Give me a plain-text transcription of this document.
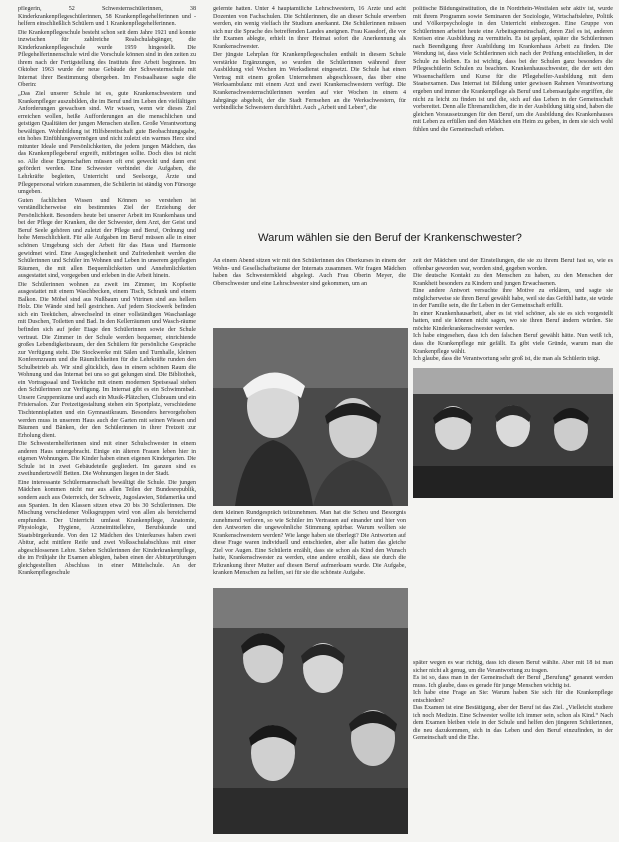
pflegerin, 52 Schwesternschülerinnen, 38 Kinderkrankenpflegeschülerinnen, 58 Krankenpflegehelferinnen und -helfern einschließlich Schülern und 1 Krankenpflegehelferinnen.

Die Krankenpflegeschule besteht schon seit dem Jahre 1921 und konnte inzwischen für zahlreiche Realschulabgänger, die Kinderkrankenpflegeschule wurde 1959 hingestellt. Die Pflegehelferinnenschule wird die Vorschule können sind in den zeiten zu ihrem nach der Fertigstellung des Instituts ihre Arbeit beginnen. Im Oktober 1963 wurde der neue Gebäude der Schwesternschule mit Internat ihrer Bestimmung übergeben. Im Festsaalhause sagte die Oberin:

„Das Ziel unserer Schule ist es, gute Krankenschwestern und Krankenpfleger auszubilden, die im Beruf und im Leben den vielfältigen Anforderungen gewachsen sind. Wir wissen, wenn wir dieses Ziel erreichen wollen, heiße Aufforderungen an die menschlichen und geistigen Qualitäten der jungen Menschen stellen. Große Verantwortung bewältigen. Wohnbildung ist Hilfsbereitschaft gute Beobachtungsgabe, ein hohes Einfühlungsvermögen und nicht zuletzt ein warmes Herz sind mitunter Ideale und Persönlichkeiten, die jedem jungen Mädchen, das das Krankenpflegeberuf ergreift, mitbringen sollte. Doch dies ist nicht so. Alle diese Eigenschaften müssen oft erst geweckt und dann erst gefördert werden. Eine Schwester verbindet die Aufgaben, die Lehrkräfte begleiten, Unterricht und Seelsorge, Ärzte und Pflegepersonal wirken zusammen, die Schülerin ist ständig von Fürsorge umgeben.

Guten fachlichen Wissen und Können so verstehen ist verständlicherweise ein bestimmtes Ziel der Erziehung der Persönlichkeit. Besonders heute bei unserer Arbeit im Krankenhaus und bei der Pflege der Kranken, die der Schwester, dem Arzt, der Geist und Beruf Seele gehören und zuletzt der Pflege und Beruf, Ordnung und hohe Menschlichkeit. Für alle Aufgaben im Beruf müssen alle in einer schönen Umgebung sich der Arbeit für das Haus und Harmonie gewidmet wird. Eine Ausgeglichenheit und Zufriedenheit werden die Schülerinnen und Schüler im Wohnen und Leben in unserem gepflegten Räumen, die mit allen Bequemlichkeiten und Annehmlichkeiten ausgestattet sind, vorgegeben und erleben in die Arbeit hinein.

Die Schülerinnen wohnen zu zweit im Zimmer, im Kopfseite ausgestattet mit einem Waschbecken, einem Tisch, Schrank und einem Balkon. Die Möbel sind aus Nußbaum und Vitrinen sind aus hellem Holz. Die Wände sind hell gestrichen. Auf jedem Stockwerk befinden sich ein Teeküchen, abwechselnd in einer vollständigen Waschanlage mit Duschen, Toiletten und Bad. In den Kellerräumen und Wasch-räume befinden sich auf jeder Etage den Schülerinnen sowie der Schule vertraut. Die Zimmer in der Schule werden bequemer, einrichtende großes Lebendigkeitsraum, der den Schülern für persönliche Gespräche zur Verfügung steht. Die Stockwerke mit Sälen und Turnhalle, kleinen Konferenzraum und die Räumlichkeiten für die Lehrkräfte runden den Schulbetrieb ab. Wir sind glücklich, dass in einem schönen Raum die Wohnung und das Internat bei uns so gut gelungen sind. Die Bibliothek, ein Vortragssaal und Teeküche mit einem modernen Speisesaal stehen den Schülerinnen zur Verfügung. Im Internat gibt es ein Schwimmbad. Unsere Gruppenräume und auch ein Musik-Plätzchen, Clubraum und ein Frisiersalon. Zur Freizeitgestaltung stehen ein Sportplatz, verschiedene Tischtennisplatten und ein Gymnastikraum. Besonders hervorgehoben werden muss in unserem Haus auch der Garten mit seinen Wiesen und Bäumen und Bänken, der den Schülerinnen in ihrer Freizeit zur Erholung dient.

Die Schwesternhelferinnen sind mit einer Schulschwester in einem anderen Haus untergebracht. Einige ein älteren Frauen leben hier in eigenen Wohnungen. Die Kinder haben einen eigenen Kindergarten. Die Schule ist in zwei Gebäudeteile gegliedert. Im ganzen sind es zweihundertzwölf Betten. Die Wohnungen liegen in der Stadt.

Eine interessante Schülermannschaft bewältigt die Schule. Die jungen Mädchen kommen nicht nur aus allen Teilen der Bundesrepublik, sondern auch aus Österreich, der Schweiz, Jugoslawien, Südamerika und aus Spanien. In den Klassen sitzen etwa 20 bis 30 Schülerinnen. Die Mischung verschiedener Volksgruppen wird von allen als bereichernd empfunden. Der Unterricht umfasst Krankenpflege, Anatomie, Physiologie, Hygiene, Arzneimittellehre, Berufskunde und Staatsbürgerkunde. Von den 12 Mädchen des Unterkurses haben zwei Abitur, acht mittlere Reife und zwei Volksschulabschluss mit einer abgeschlossenen Lehre. Sieben Schülerinnen der Kinderkrankenpflege, die im Frühjahr ihr Examen ablegten, haben einen der Abiturprüfungen gleichgestellten Abschluss in einer Mittelschule. An der Krankenpflegeschule

gelernte hatten. Unter 4 hauptamtliche Lehrschwestern, 16 Ärzte und acht Dozenten von Fachschulen. Die Schülerinnen, die an dieser Schule erwerben werden, ein wenig vielfach ihr Studium anerkannt. Die Schülerinnen müssen sich nur die Sprache des betreffenden Landes aneignen. Frau Kassdorf, die vor ihr Examen ablegte, erhielt in ihrer Heimat sofort die Anerkennung als Krankenschwester.

Der jüngste Lehrplan für Krankenpflegeschulen enthält in diesem Schule verstärkte Ergänzungen, so wurden die Schülerinnen während ihrer Ausbildung viel Wochen im Werksdienst eingesetzt. Die Schule hat einen Vertrag mit einem großen Unternehmen abgeschlossen, das über eine Werksambulanz mit einem Arzt und zwei Krankenschwestern verfügt. Die Krankenschwesternschülerinnen werden auf vier Wochen in einem 4 Jahrgänge abgeholt, der die Stadt Fernsehen an die Werkschwestern, für verbindliche Schwestern durchführt. Auch „Arbeit und Leben“, die

politische Bildungsinstitution, die in Nordrhein-Westfalen sehr aktiv ist, wurde mit ihrem Programm sowie Seminaren der Soziologie, Wirtschaftslehre, Politik und Völkerpsychologie in den Unterricht einbezogen. Eine Gruppe von Schülerinnen arbeitet heute eine Arbeitsgemeinschaft, deren Ziel es ist, anderen Kreisen eine Ausbildung zu vermitteln. Es ist geplant, später die Schülerinnen nach Beendigung ihrer Ausbildung im Krankenhaus Arbeit zu finden. Die Wendung ist, dass viele Schülerinnen sich nach der Prüfung entschließen, in der Schule zu bleiben. Es ist wichtig, dass bei der Schulen ganz besonders die Pflegeschülerin Schulen zu beachten. Krankenhausschwester, die der seit den Wissenschaftlern und Kurse für die Pflegehelfer-Ausbildung mit dem Staatsexamen. Das Internat ist Bildung unter gewissen Rahmen Verantwortung ergeben und immer die Krankenpflege als Beruf und Lebensaufgabe ergriffen, die nicht zu leicht zu finden ist und die, sich auf das Leben in der Gemeinschaft vorbereitet. Denn alle Ehrenamtlichen, die in der Ausbildung tätig sind, haben die gleichen Voraussetzungen für den Beruf, um die Ausbildung des Krankenhauses mit Leben zu erfüllen und den Mädchen ein Heim zu geben, in dem sie sich wohl fühlen und die Gemeinschaft erleben.

Warum wählen sie den Beruf der Krankenschwester?

An einem Abend sitzen wir mit den Schülerinnen des Oberkurses in einem der Wohn- und Gesellschaftsräume der Internats zusammen. Wir fragen Mädchen haben das Schwesternkleid abgelegt. Auch Frau Oberin Meyer, die Oberschwester und eine Lehrschwester sind gekommen, um an

dem kleinen Rundgespräch teilzunehmen. Man hat die Scheu und Besorgnis zunehmend verloren, so wie Schüler im Vertrauen auf einander und hier von den Antworten die ungewohnliche Stimmung spürbar. Warum wollten sie Krankenschwestern werden? Wie lange haben sie überlegt? Die Antworten auf diese Frage waren individuell und entschieden, aber alle hatten das gleiche Ziel vor Augen. Eine Schülerin erzählt, dass sie schon als Kind den Wunsch hatte, Krankenschwester zu werden, eine andere erzählt, dass sie durch die Erkrankung ihrer Mutter auf diesen Beruf aufmerksam wurde. Die Aufgabe, kranken Menschen zu helfen, sei für sie die schönste Aufgabe.

zeit der Mädchen und der Einstellungen, die sie zu ihrem Beruf fast so, wie es offenbar geworden war, worden sind, gegeben worden.
Die deutsche Kontakt zu den Menschen zu haben, zu den Menschen der Krankheit besonders zu Kindern und jungen Erwachsenen.
Eine andere Antwort versuchte ihre Motive zu erklären, und sagte sie möglicherweise sie ihren Beruf gewählt habe, weil sie das Gefühl hatte, sie würde in der Familie sein, die ihr Leben in der Gemeinschaft erfüllt.
In einer Krankenhausarbeit, aber es ist viel schöner, als sie es sich vorgestellt hatten, und sie können nicht sagen, wo sie ihren Beruf ändern würden. Sie möchte Kinderkrankenschwester werden.
Ich habe eingesehen, dass ich den falschen Beruf gewählt hätte. Nun weiß ich, dass die Krankenpflege mir gefällt. Es gibt viele Gründe, warum man die Krankenpflege wählt.
Ich glaube, dass die Verantwortung sehr groß ist, die man als Schülerin trägt.

später wegen es war richtig, dass ich diesen Beruf wählte. Aber mit 18 ist man sicher nicht alt genug, um die Verantwortung zu tragen.
Es ist so, dass man in der Gemeinschaft der Beruf „Berufung“ genannt werden muss. Ich glaube, dass es gerade für junge Menschen wichtig ist.
Ich habe eine Frage an Sie: Warum haben Sie sich für die Krankenpflege entschieden?
Das Examen ist eine Bestätigung, aber der Beruf ist das Ziel. „Vielleicht studiere ich noch Medizin. Eine Schwester wollte ich immer sein, schon als Kind.“ Nach dem Examen bleiben viele in der Schule und helfen den jüngeren Schülerinnen, die neu dazukommen, sich in das Leben und den Beruf einzufinden, in der Gemeinschaft und die Ehe.
